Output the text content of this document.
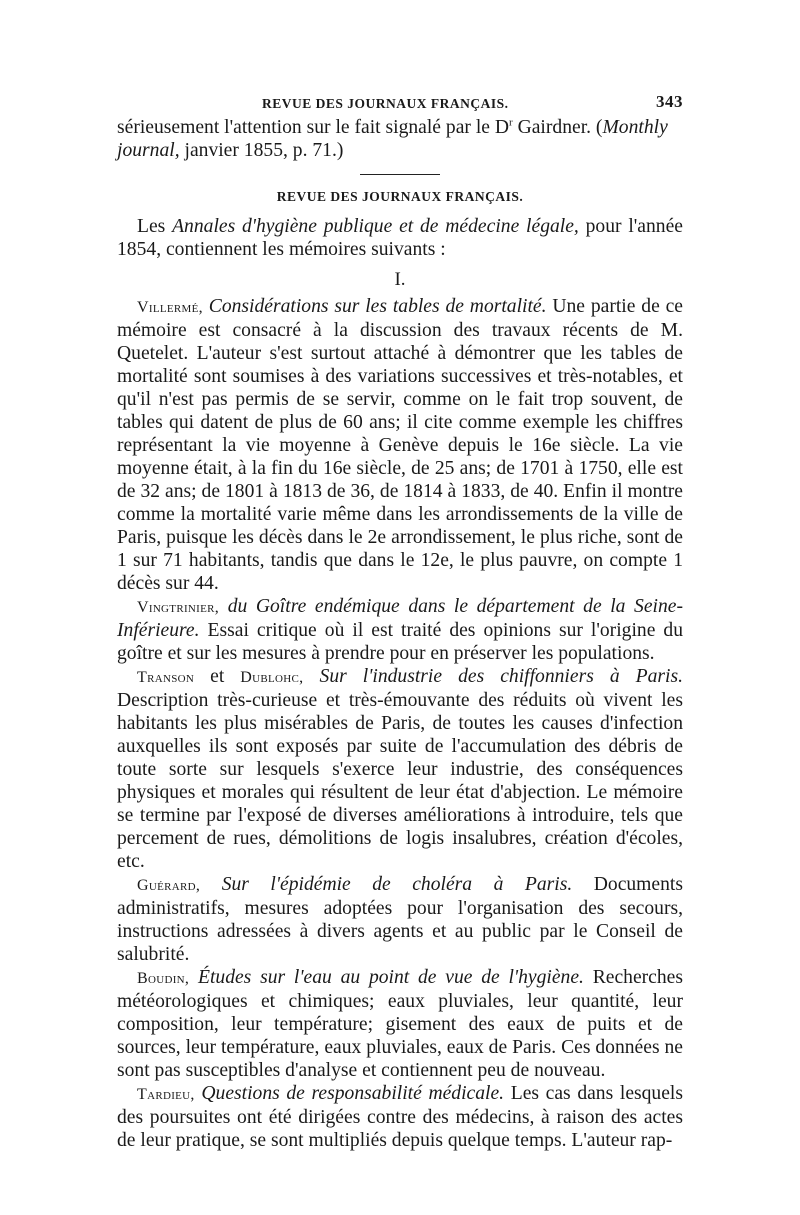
REVUE DES JOURNAUX FRANÇAIS.	343

sérieusement l'attention sur le fait signalé par le $D^r$ Gairdner. (Monthly journal, janvier 1855, p. 71.)

REVUE DES JOURNAUX FRANÇAIS.

Les Annales d'hygiène publique et de médecine légale, pour l'année 1854, contiennent les mémoires suivants :

I.

Villermé, Considérations sur les tables de mortalité. Une partie de ce mémoire est consacré à la discussion des travaux récents de M. Quetelet. L'auteur s'est surtout attaché à démontrer que les tables de mortalité sont soumises à des variations successives et très-notables, et qu'il n'est pas permis de se servir, comme on le fait trop souvent, de tables qui datent de plus de 60 ans; il cite comme exemple les chiffres représentant la vie moyenne à Genève depuis le 16e siècle. La vie moyenne était, à la fin du 16e siècle, de 25 ans; de 1701 à 1750, elle est de 32 ans; de 1801 à 1813 de 36, de 1814 à 1833, de 40. Enfin il montre comme la mortalité varie même dans les arrondissements de la ville de Paris, puisque les décès dans le 2e arrondissement, le plus riche, sont de 1 sur 71 habitants, tandis que dans le 12e, le plus pauvre, on compte 1 décès sur 44.

Vingtrinier, du Goître endémique dans le département de la Seine-Inférieure. Essai critique où il est traité des opinions sur l'origine du goître et sur les mesures à prendre pour en préserver les populations.

Transon et Dubloнc, Sur l'industrie des chiffonniers à Paris. Description très-curieuse et très-émouvante des réduits où vivent les habitants les plus misérables de Paris, de toutes les causes d'infection auxquelles ils sont exposés par suite de l'accumulation des débris de toute sorte sur lesquels s'exerce leur industrie, des conséquences physiques et morales qui résultent de leur état d'abjection. Le mémoire se termine par l'exposé de diverses améliorations à introduire, tels que percement de rues, démolitions de logis insalubres, création d'écoles, etc.

Guérard, Sur l'épidémie de choléra à Paris. Documents administratifs, mesures adoptées pour l'organisation des secours, instructions adressées à divers agents et au public par le Conseil de salubrité.

Boudin, Études sur l'eau au point de vue de l'hygiène. Recherches météorologiques et chimiques; eaux pluviales, leur quantité, leur composition, leur température; gisement des eaux de puits et de sources, leur température, eaux pluviales, eaux de Paris. Ces données ne sont pas susceptibles d'analyse et contiennent peu de nouveau.

Tardieu, Questions de responsabilité médicale. Les cas dans lesquels des poursuites ont été dirigées contre des médecins, à raison des actes de leur pratique, se sont multipliés depuis quelque temps. L'auteur rap-
